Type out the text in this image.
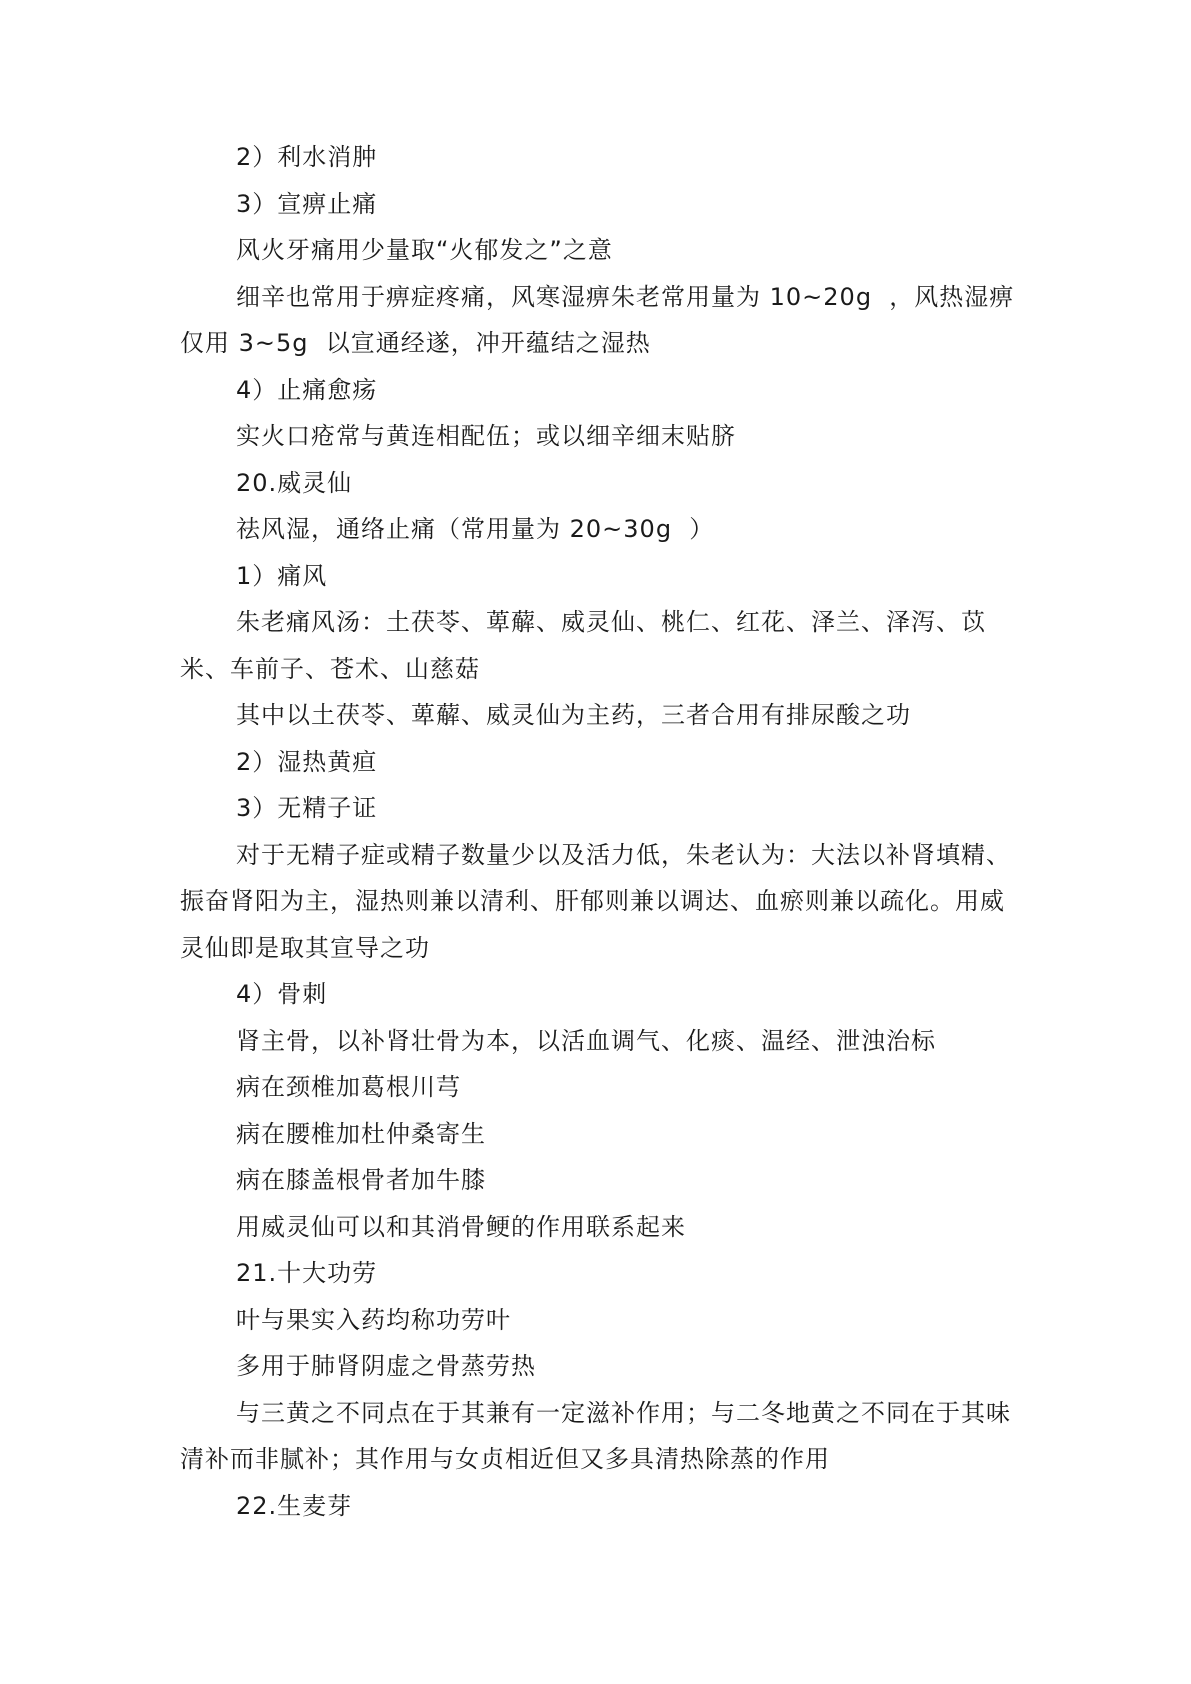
2）利水消肿

3）宣痹止痛

风火牙痛用少量取“火郁发之”之意

细辛也常用于痹症疼痛，风寒湿痹朱老常用量为 10~20g  ，风热湿痹仅用 3~5g  以宣通经遂，冲开蕴结之湿热

4）止痛愈疡

实火口疮常与黄连相配伍；或以细辛细末贴脐

20.威灵仙

祛风湿，通络止痛（常用量为 20~30g  ）

1）痛风

朱老痛风汤：土茯苓、萆薢、威灵仙、桃仁、红花、泽兰、泽泻、苡米、车前子、苍术、山慈菇

其中以土茯苓、萆薢、威灵仙为主药，三者合用有排尿酸之功

2）湿热黄疸

3）无精子证

对于无精子症或精子数量少以及活力低，朱老认为：大法以补肾填精、振奋肾阳为主，湿热则兼以清利、肝郁则兼以调达、血瘀则兼以疏化。用威灵仙即是取其宣导之功

4）骨刺

肾主骨，以补肾壮骨为本，以活血调气、化痰、温经、泄浊治标

病在颈椎加葛根川芎

病在腰椎加杜仲桑寄生

病在膝盖根骨者加牛膝

用威灵仙可以和其消骨鲠的作用联系起来

21.十大功劳

叶与果实入药均称功劳叶

多用于肺肾阴虚之骨蒸劳热

与三黄之不同点在于其兼有一定滋补作用；与二冬地黄之不同在于其味清补而非腻补；其作用与女贞相近但又多具清热除蒸的作用

22.生麦芽
